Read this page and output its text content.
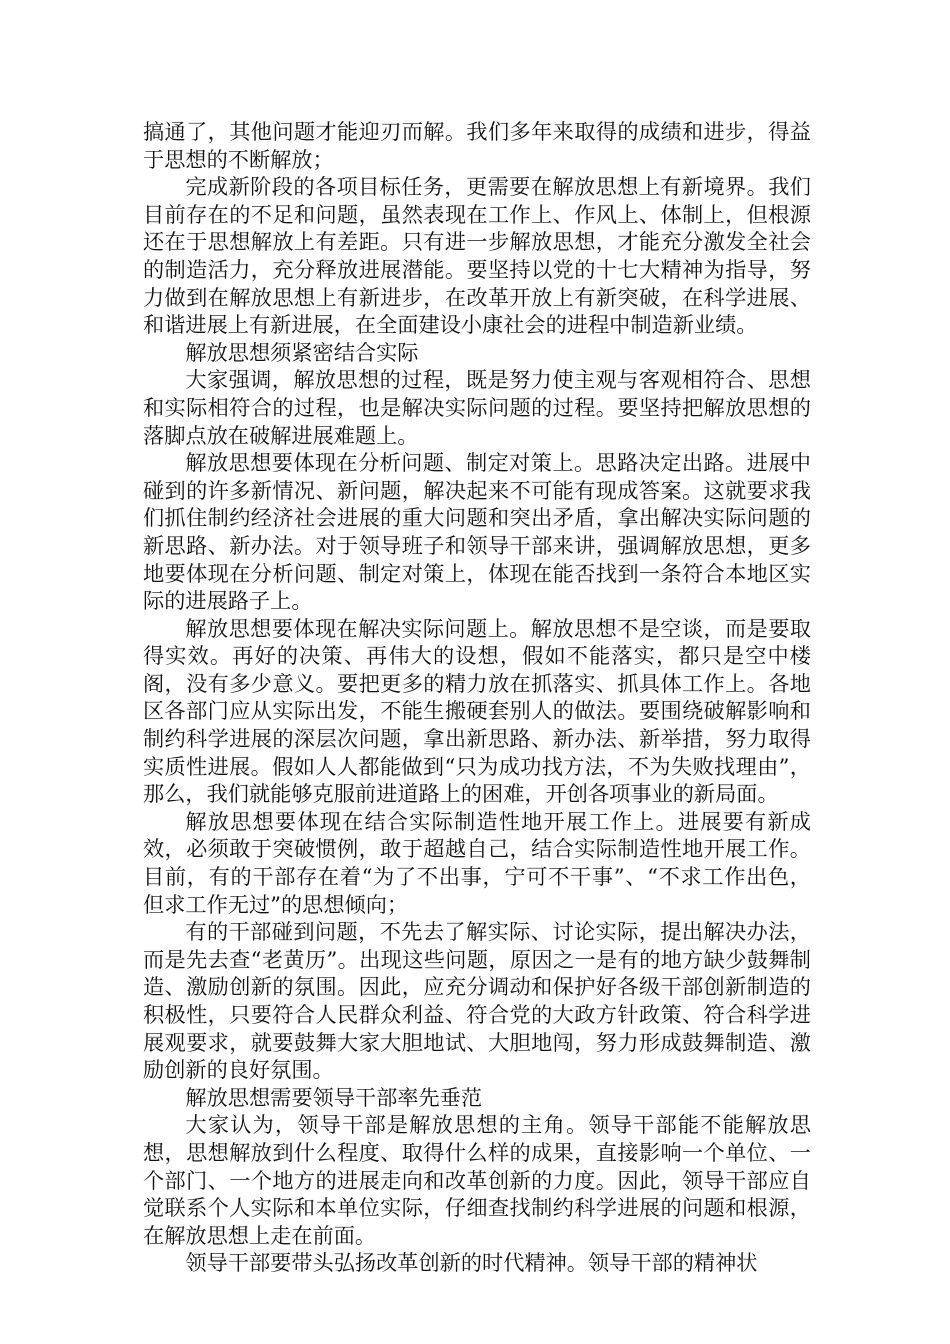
搞通了，其他问题才能迎刃而解。我们多年来取得的成绩和进步，得益于思想的不断解放；

完成新阶段的各项目标任务，更需要在解放思想上有新境界。我们目前存在的不足和问题，虽然表现在工作上、作风上、体制上，但根源还在于思想解放上有差距。只有进一步解放思想，才能充分激发全社会的制造活力，充分释放进展潜能。要坚持以党的十七大精神为指导，努力做到在解放思想上有新进步，在改革开放上有新突破，在科学进展、和谐进展上有新进展，在全面建设小康社会的进程中制造新业绩。

解放思想须紧密结合实际

大家强调，解放思想的过程，既是努力使主观与客观相符合、思想和实际相符合的过程，也是解决实际问题的过程。要坚持把解放思想的落脚点放在破解进展难题上。

解放思想要体现在分析问题、制定对策上。思路决定出路。进展中碰到的许多新情况、新问题，解决起来不可能有现成答案。这就要求我们抓住制约经济社会进展的重大问题和突出矛盾，拿出解决实际问题的新思路、新办法。对于领导班子和领导干部来讲，强调解放思想，更多地要体现在分析问题、制定对策上，体现在能否找到一条符合本地区实际的进展路子上。

解放思想要体现在解决实际问题上。解放思想不是空谈，而是要取得实效。再好的决策、再伟大的设想，假如不能落实，都只是空中楼阁，没有多少意义。要把更多的精力放在抓落实、抓具体工作上。各地区各部门应从实际出发，不能生搬硬套别人的做法。要围绕破解影响和制约科学进展的深层次问题，拿出新思路、新办法、新举措，努力取得实质性进展。假如人人都能做到“只为成功找方法，不为失败找理由”，那么，我们就能够克服前进道路上的困难，开创各项事业的新局面。

解放思想要体现在结合实际制造性地开展工作上。进展要有新成效，必须敢于突破惯例，敢于超越自己，结合实际制造性地开展工作。目前，有的干部存在着“为了不出事，宁可不干事”、“不求工作出色，但求工作无过”的思想倾向；

有的干部碰到问题，不先去了解实际、讨论实际，提出解决办法，而是先去查“老黄历”。出现这些问题，原因之一是有的地方缺少鼓舞制造、激励创新的氛围。因此，应充分调动和保护好各级干部创新制造的积极性，只要符合人民群众利益、符合党的大政方针政策、符合科学进展观要求，就要鼓舞大家大胆地试、大胆地闯，努力形成鼓舞制造、激励创新的良好氛围。

解放思想需要领导干部率先垂范

大家认为，领导干部是解放思想的主角。领导干部能不能解放思想，思想解放到什么程度、取得什么样的成果，直接影响一个单位、一个部门、一个地方的进展走向和改革创新的力度。因此，领导干部应自觉联系个人实际和本单位实际，仔细查找制约科学进展的问题和根源，在解放思想上走在前面。

领导干部要带头弘扬改革创新的时代精神。领导干部的精神状
